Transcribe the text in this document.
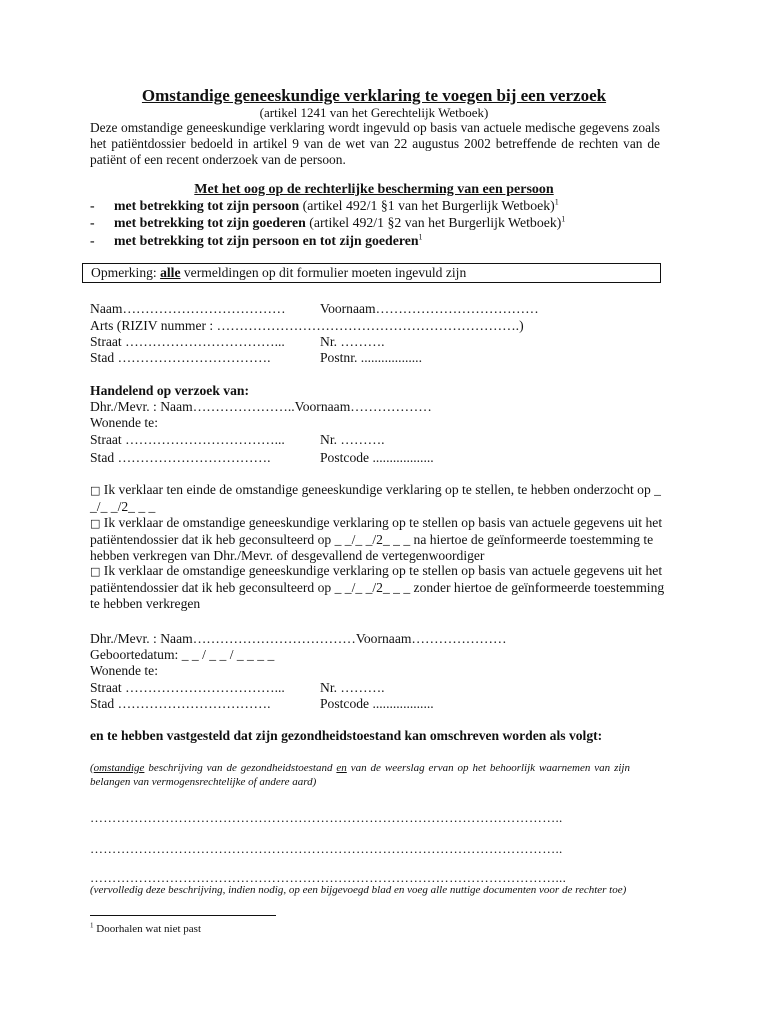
Omstandige geneeskundige verklaring te voegen bij een verzoek
(artikel 1241 van het Gerechtelijk Wetboek)
Deze omstandige geneeskundige verklaring wordt ingevuld op basis van actuele medische gegevens zoals het patiëntdossier bedoeld in artikel 9 van de wet van 22 augustus 2002 betreffende de rechten van de patiënt of een recent onderzoek van de persoon.
Met het oog op de rechterlijke bescherming van een persoon
- met betrekking tot zijn persoon (artikel 492/1 §1 van het Burgerlijk Wetboek)$^1$
- met betrekking tot zijn goederen (artikel 492/1 §2 van het Burgerlijk Wetboek)$^1$
- met betrekking tot zijn persoon en tot zijn goederen$^1$
Opmerking: alle vermeldingen op dit formulier moeten ingevuld zijn
Naam………………………………	Voornaam………………………………
Arts (RIZIV nummer : ………………………………………………………….)
Straat ……………………………...	Nr. ……….
Stad …………………………….	Postnr. ..................
Handelend op verzoek van:
Dhr./Mevr. : Naam…………………..Voornaam………………
Wonende te:
Straat ……………………………...	Nr. ……….
Stad …………………………….	Postcode ..................
□ Ik verklaar ten einde de omstandige geneeskundige verklaring op te stellen, te hebben onderzocht op _ _/_ _/2_ _ _
□ Ik verklaar de omstandige geneeskundige verklaring op te stellen op basis van actuele gegevens uit het patiëntendossier dat ik heb geconsulteerd op _ _/_ _/2_ _ _ na hiertoe de geïnformeerde toestemming te hebben verkregen van Dhr./Mevr. of desgevallend de vertegenwoordiger
□ Ik verklaar de omstandige geneeskundige verklaring op te stellen op basis van actuele gegevens uit het patiëntendossier dat ik heb geconsulteerd op _ _/_ _/2_ _ _ zonder hiertoe de geïnformeerde toestemming te hebben verkregen
Dhr./Mevr. : Naam………………………………Voornaam…………………
Geboortedatum: _ _ / _ _ / _ _ _ _
Wonende te:
Straat ……………………………...	Nr. ……….
Stad …………………………….	Postcode ..................
en te hebben vastgesteld dat zijn gezondheidstoestand kan omschreven worden als volgt:
(omstandige beschrijving van de gezondheidstoestand en van de weerslag ervan op het behoorlijk waarnemen van zijn belangen van vermogensrechtelijke of andere aard)
……………………………………………………………………………………………..
……………………………………………………………………………………………..
……………………………………………………………………………………………...
(vervolledig deze beschrijving, indien nodig, op een bijgevoegd blad en voeg alle nuttige documenten voor de rechter toe)
$^1$ Doorhalen wat niet past
